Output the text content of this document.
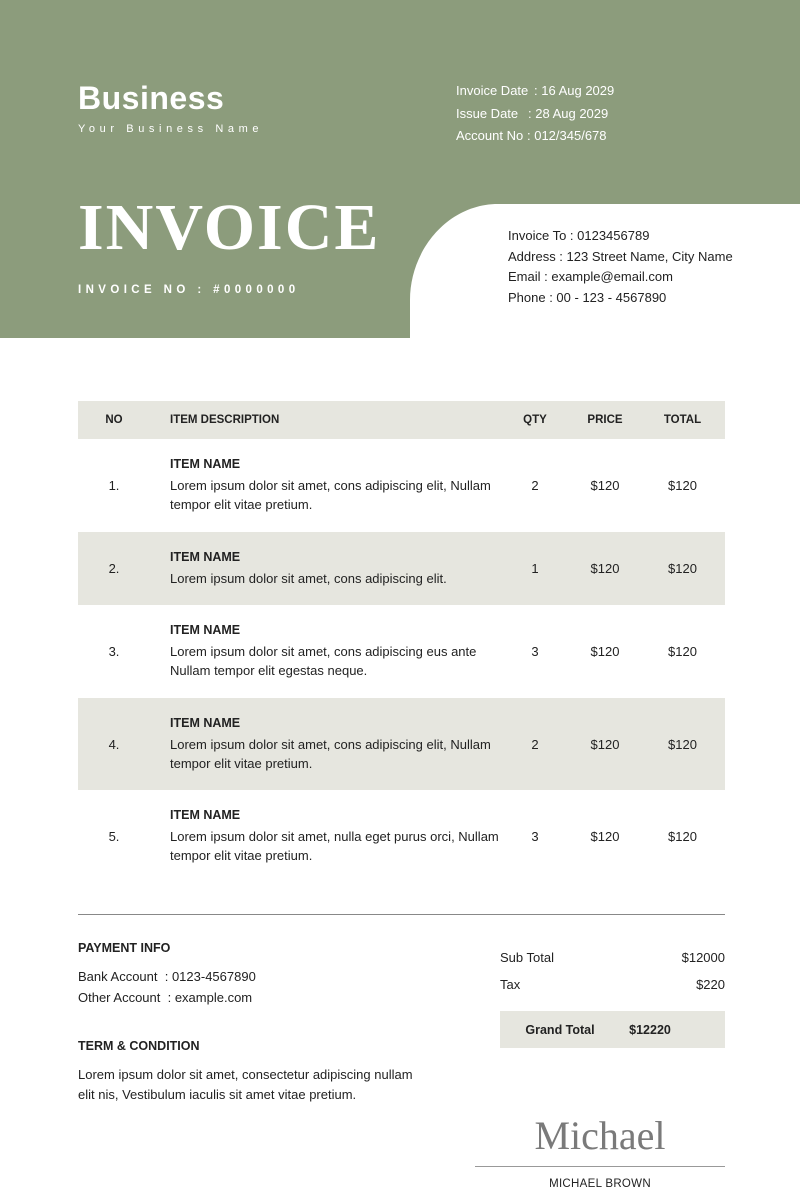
Business
Your Business Name
Invoice Date : 16 Aug 2029
Issue Date : 28 Aug 2029
Account No : 012/345/678
INVOICE
INVOICE NO : #0000000
Invoice To : 0123456789
Address : 123 Street Name, City Name
Email : example@email.com
Phone : 00 - 123 - 4567890
NO	ITEM DESCRIPTION	QTY	PRICE	TOTAL
1.
ITEM NAME
Lorem ipsum dolor sit amet, cons adipiscing elit, Nullam tempor elit vitae pretium.
2	$120	$120
2.
ITEM NAME
Lorem ipsum dolor sit amet, cons adipiscing elit.
1	$120	$120
3.
ITEM NAME
Lorem ipsum dolor sit amet, cons adipiscing eus ante Nullam tempor elit egestas neque.
3	$120	$120
4.
ITEM NAME
Lorem ipsum dolor sit amet, cons adipiscing elit, Nullam tempor elit vitae pretium.
2	$120	$120
5.
ITEM NAME
Lorem ipsum dolor sit amet, nulla eget purus orci, Nullam tempor elit vitae pretium.
3	$120	$120
PAYMENT INFO
Bank Account  : 0123-4567890
Other Account  : example.com
TERM & CONDITION
Lorem ipsum dolor sit amet, consectetur adipiscing nullam elit nis, Vestibulum iaculis sit amet vitae pretium.
Sub Total	$12000
Tax	$220
Grand Total	$12220
Michael
MICHAEL BROWN
